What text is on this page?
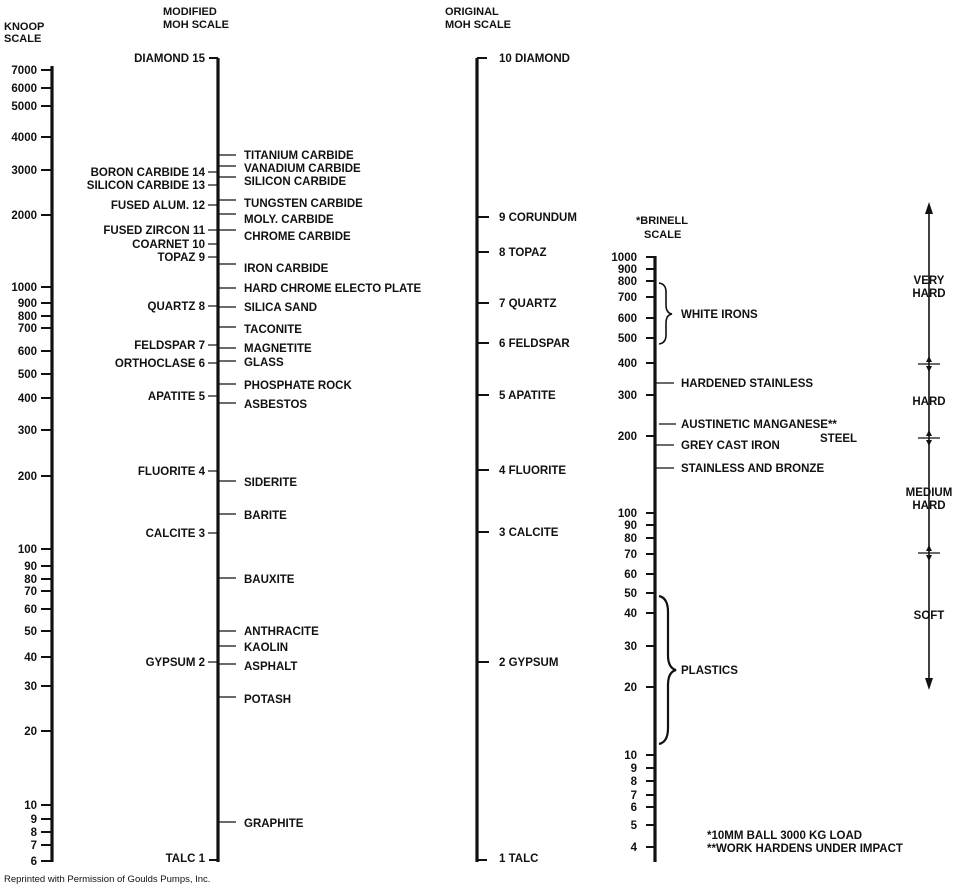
KNOOP
SCALE
MODIFIED
MOH SCALE
ORIGINAL
MOH SCALE
*BRINELL
SCALE
7000
6000
5000
4000
3000
2000
1000
900
800
700
600
500
400
300
200
100
90
80
70
60
50
40
30
20
10
9
8
7
6
DIAMOND 15
BORON CARBIDE 14
SILICON CARBIDE 13
FUSED ALUM. 12
FUSED ZIRCON 11
COARNET 10
TOPAZ 9
QUARTZ 8
FELDSPAR 7
ORTHOCLASE 6
APATITE 5
FLUORITE 4
CALCITE 3
GYPSUM 2
TALC 1
TITANIUM CARBIDE
VANADIUM CARBIDE
SILICON CARBIDE
TUNGSTEN CARBIDE
MOLY. CARBIDE
CHROME CARBIDE
IRON CARBIDE
HARD CHROME ELECTO PLATE
SILICA SAND
TACONITE
MAGNETITE
GLASS
PHOSPHATE ROCK
ASBESTOS
SIDERITE
BARITE
BAUXITE
ANTHRACITE
KAOLIN
ASPHALT
POTASH
GRAPHITE
10 DIAMOND
9 CORUNDUM
8 TOPAZ
7 QUARTZ
6 FELDSPAR
5 APATITE
4 FLUORITE
3 CALCITE
2 GYPSUM
1 TALC
1000
900
800
700
600
500
400
300
200
100
90
80
70
60
50
40
30
20
10
9
8
7
6
5
4
WHITE IRONS
HARDENED STAINLESS
AUSTINETIC MANGANESE**
STEEL
GREY CAST IRON
STAINLESS AND BRONZE
PLASTICS
VERY
HARD
HARD
MEDIUM
HARD
SOFT
*10MM BALL 3000 KG LOAD
**WORK HARDENS UNDER IMPACT
Reprinted with Permission of Goulds Pumps, Inc.
